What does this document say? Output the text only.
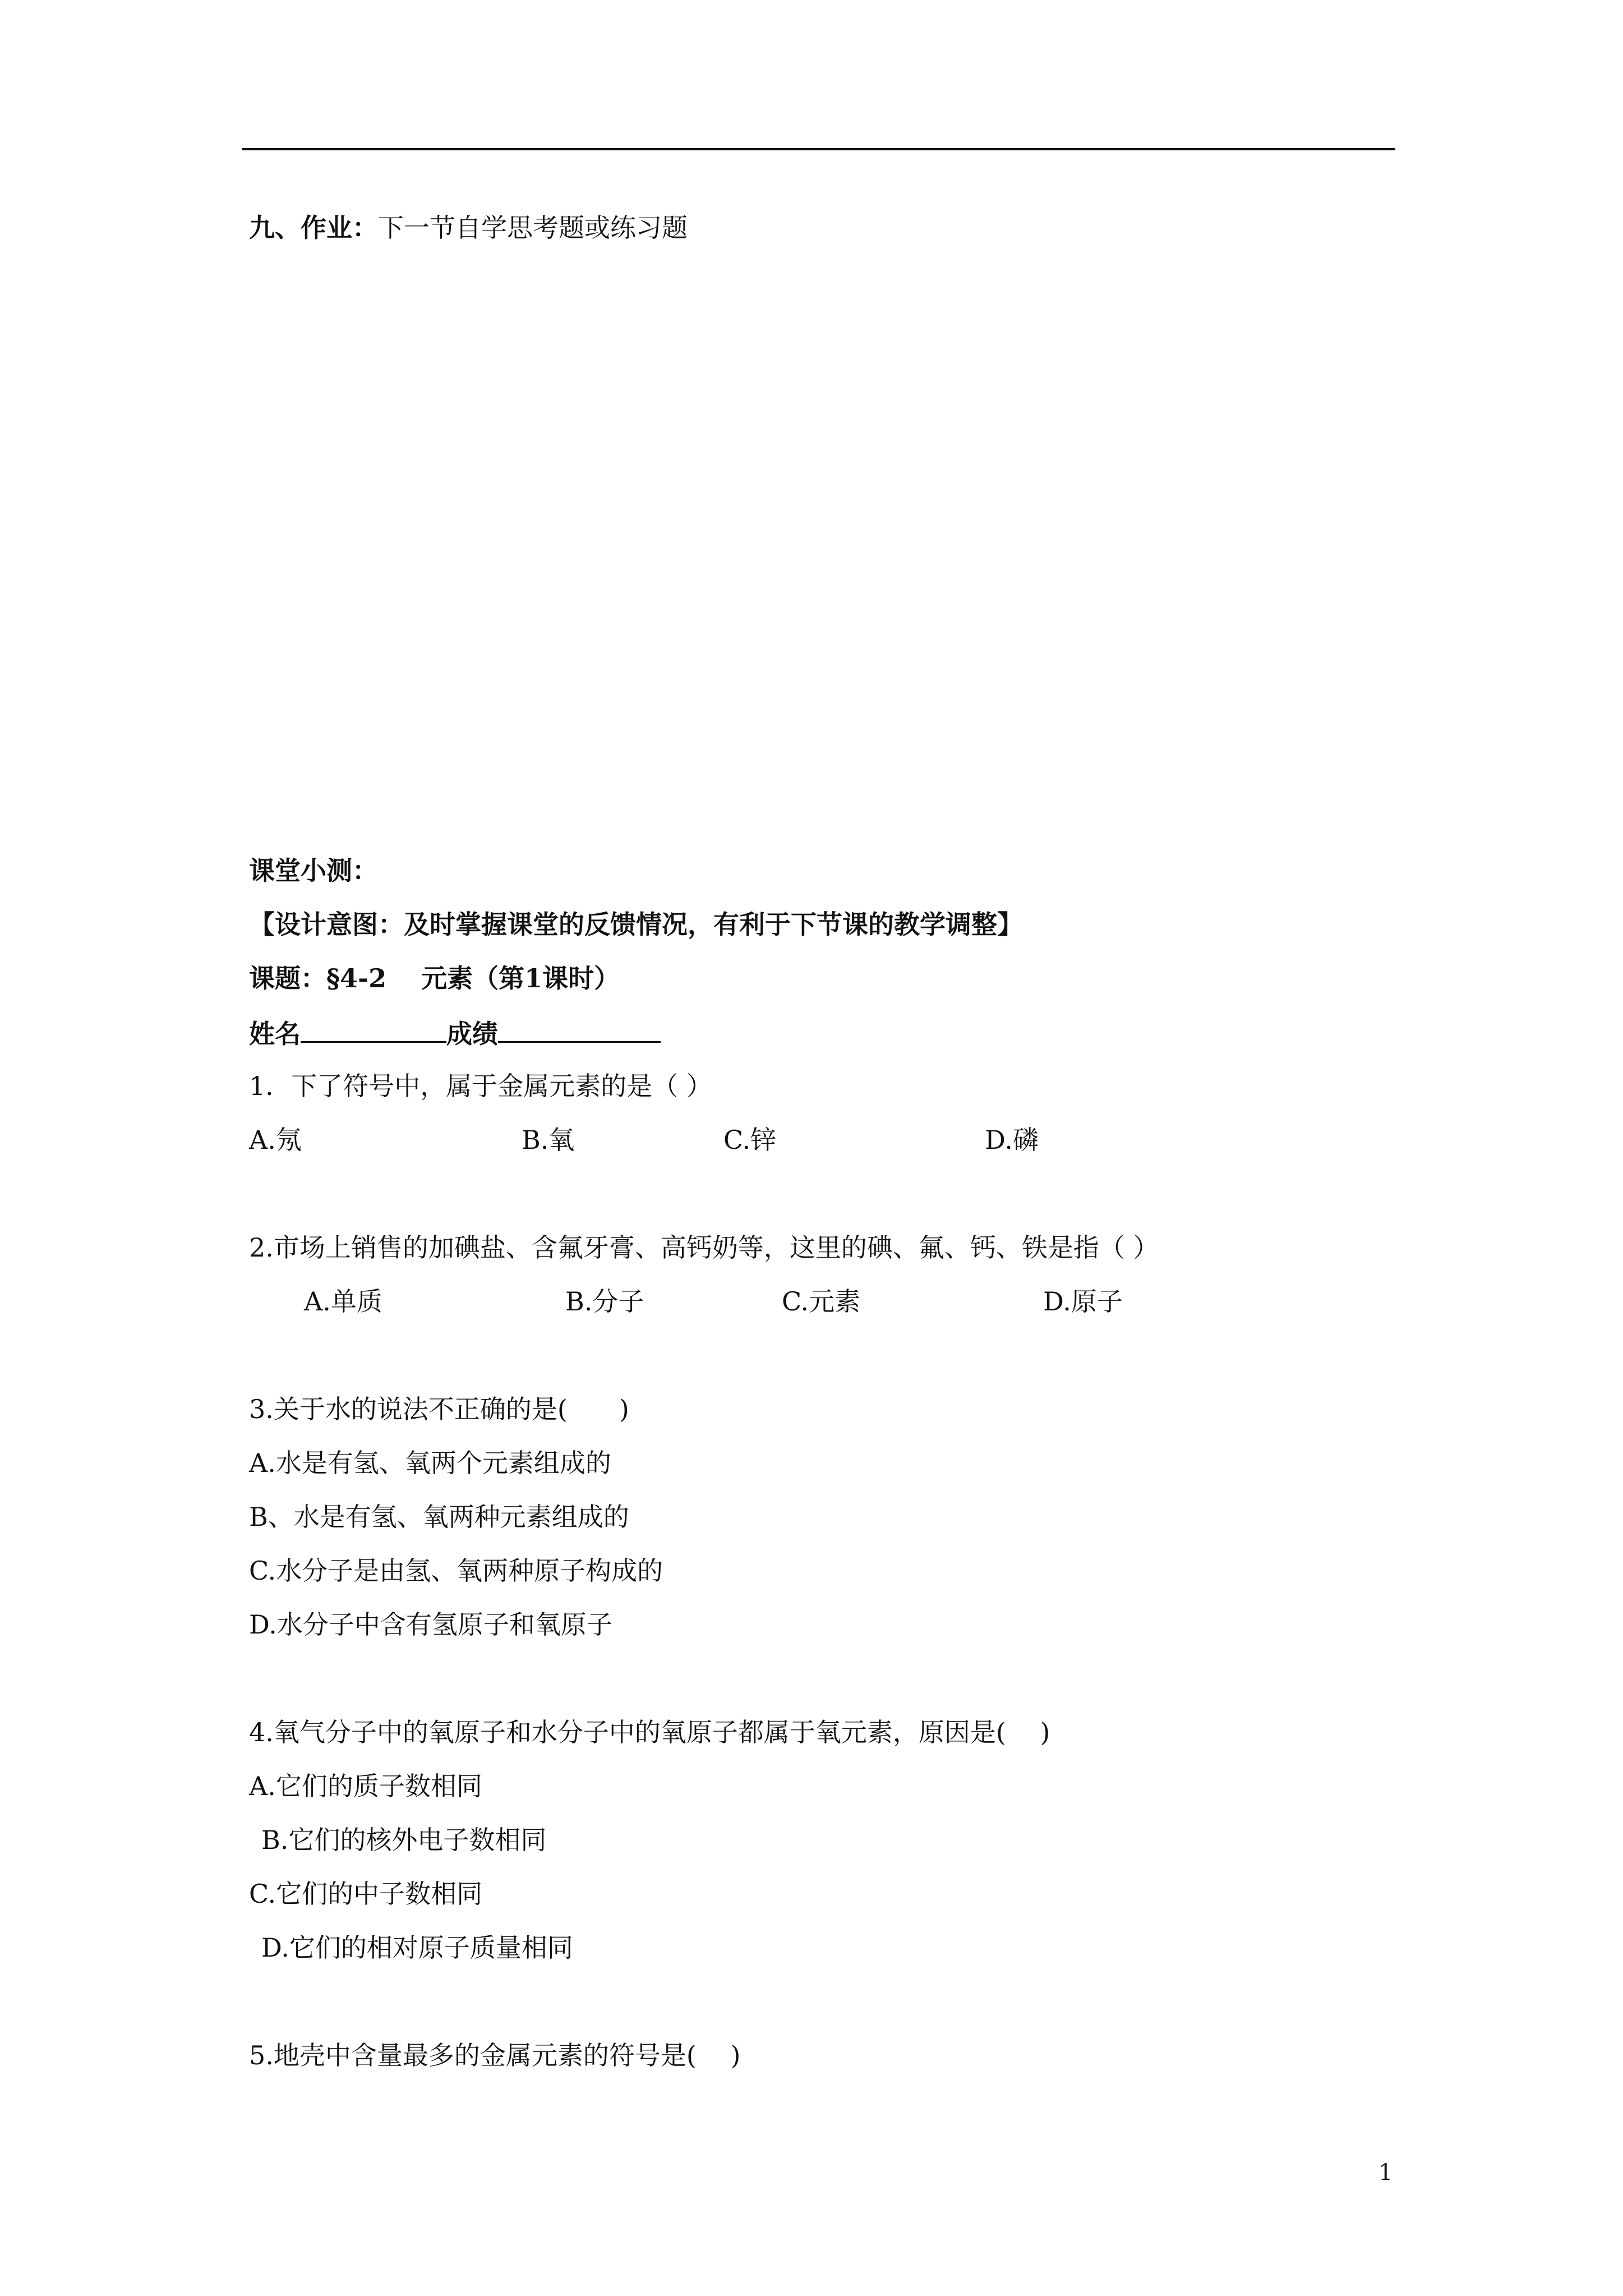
九、作业：下一节自学思考题或练习题
课堂小测：
【设计意图：及时掌握课堂的反馈情况，有利于下节课的教学调整】
课题：§4-2　 元素（第1课时）
姓名	成绩
1．下了符号中，属于金属元素的是（ ）
A.氖	B.氧	C.锌	D.磷
2.市场上销售的加碘盐、含氟牙膏、高钙奶等，这里的碘、氟、钙、铁是指（ ）
A.单质	B.分子	C.元素	D.原子
3.关于水的说法不正确的是(　　)
A.水是有氢、氧两个元素组成的
B、水是有氢、氧两种元素组成的
C.水分子是由氢、氧两种原子构成的
D.水分子中含有氢原子和氧原子
4.氧气分子中的氧原子和水分子中的氧原子都属于氧元素，原因是(　 )
A.它们的质子数相同
B.它们的核外电子数相同
C.它们的中子数相同
D.它们的相对原子质量相同
5.地壳中含量最多的金属元素的符号是(　 )
1
